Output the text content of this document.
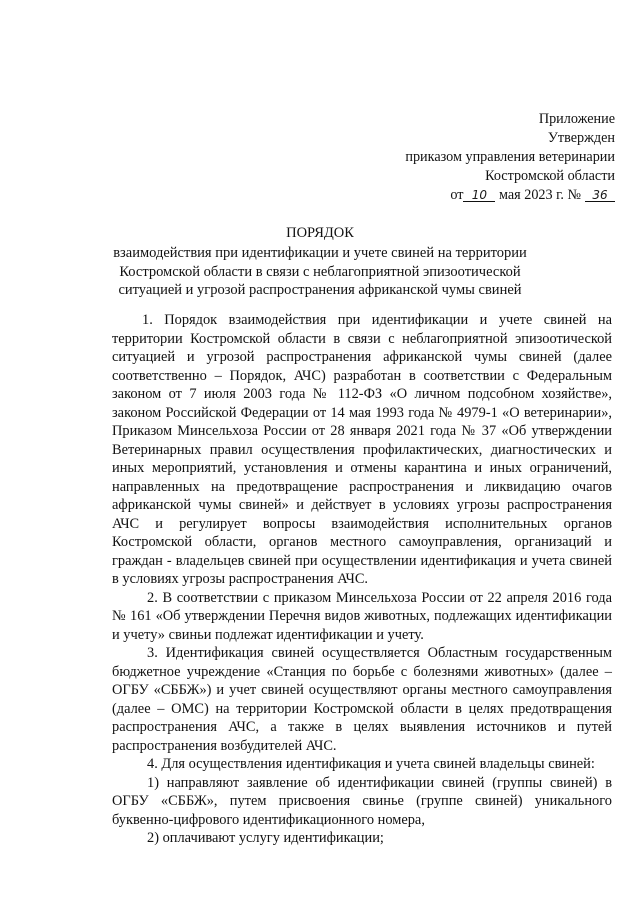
Приложение
Утвержден
приказом управления ветеринарии
Костромской области
от 10 мая 2023 г. № 36
ПОРЯДОК
взаимодействия при идентификации и учете свиней на территории Костромской области в связи с неблагоприятной эпизоотической ситуацией и угрозой распространения африканской чумы свиней

1. Порядок взаимодействия при идентификации и учете свиней на территории Костромской области в связи с неблагоприятной эпизоотической ситуацией и угрозой распространения африканской чумы свиней (далее соответственно – Порядок, АЧС) разработан в соответствии с Федеральным законом от 7 июля 2003 года № 112-ФЗ «О личном подсобном хозяйстве», законом Российской Федерации от 14 мая 1993 года № 4979-1 «О ветеринарии», Приказом Минсельхоза России от 28 января 2021 года № 37 «Об утверждении Ветеринарных правил осуществления профилактических, диагностических и иных мероприятий, установления и отмены карантина и иных ограничений, направленных на предотвращение распространения и ликвидацию очагов африканской чумы свиней» и действует в условиях угрозы распространения АЧС и регулирует вопросы взаимодействия исполнительных органов Костромской области, органов местного самоуправления, организаций и граждан - владельцев свиней при осуществлении идентификация и учета свиней в условиях угрозы распространения АЧС.

2. В соответствии с приказом Минсельхоза России от 22 апреля 2016 года № 161 «Об утверждении Перечня видов животных, подлежащих идентификации и учету» свиньи подлежат идентификации и учету.

3. Идентификация свиней осуществляется Областным государственным бюджетное учреждение «Станция по борьбе с болезнями животных» (далее – ОГБУ «СББЖ») и учет свиней осуществляют органы местного самоуправления (далее – ОМС) на территории Костромской области в целях предотвращения распространения АЧС, а также в целях выявления источников и путей распространения возбудителей АЧС.

4. Для осуществления идентификация и учета свиней владельцы свиней:

1) направляют заявление об идентификации свиней (группы свиней) в ОГБУ «СББЖ», путем присвоения свинье (группе свиней) уникального буквенно-цифрового идентификационного номера,

2) оплачивают услугу идентификации;
